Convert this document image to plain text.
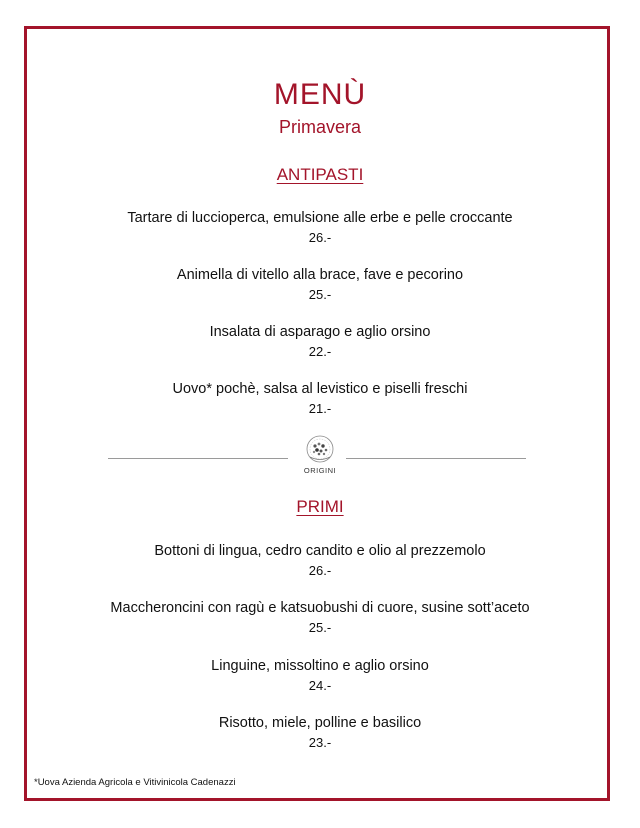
MENÙ
Primavera
ANTIPASTI
Tartare di luccioperca, emulsione alle erbe e pelle croccante
26.-
Animella di vitello alla brace, fave e pecorino
25.-
Insalata di asparago e aglio orsino
22.-
Uovo* pochè, salsa al levistico e piselli freschi
21.-
ORIGINI
PRIMI
Bottoni di lingua, cedro candito e olio al prezzemolo
26.-
Maccheroncini con ragù e katsuobushi di cuore, susine sott’aceto
25.-
Linguine, missoltino e aglio orsino
24.-
Risotto, miele, polline e basilico
23.-
*Uova Azienda Agricola e Vitivinicola Cadenazzi
